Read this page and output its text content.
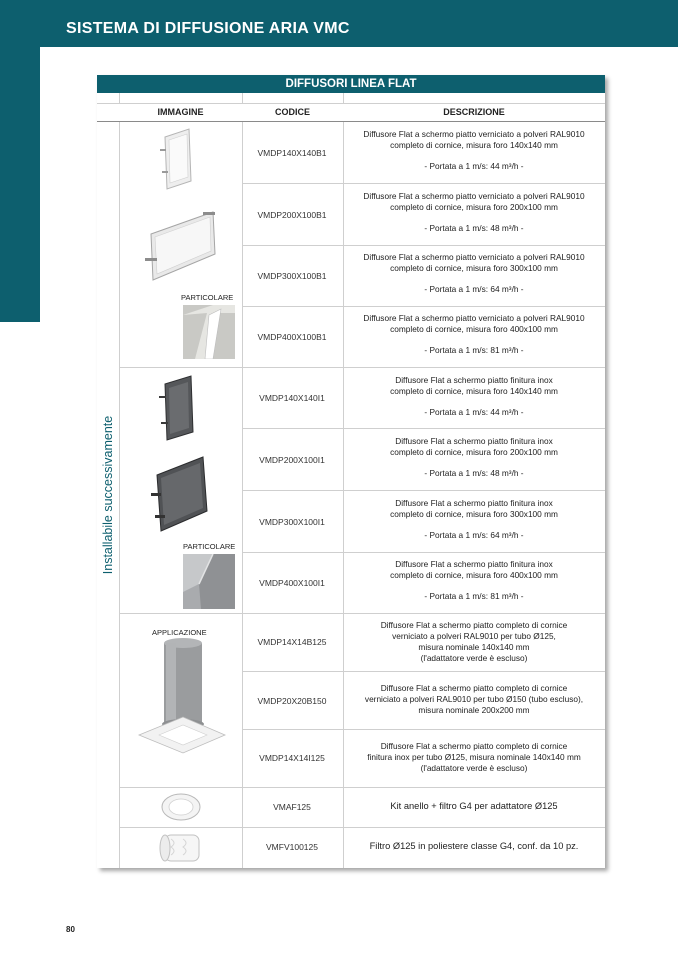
SISTEMA DI DIFFUSIONE ARIA VMC
DIFFUSORI LINEA FLAT
IMMAGINE	CODICE	DESCRIZIONE
Installabile successivamente
PARTICOLARE
PARTICOLARE
APPLICAZIONE
VMDP140X140B1
VMDP200X100B1
VMDP300X100B1
VMDP400X100B1
VMDP140X140I1
VMDP200X100I1
VMDP300X100I1
VMDP400X100I1
VMDP14X14B125
VMDP20X20B150
VMDP14X14I125
VMAF125
VMFV100125
Diffusore Flat a schermo piatto verniciato a polveri RAL9010
completo di cornice, misura foro 140x140 mm
- Portata a 1 m/s: 44 m³/h -
Diffusore Flat a schermo piatto verniciato a polveri RAL9010
completo di cornice, misura foro 200x100 mm
- Portata a 1 m/s: 48 m³/h -
Diffusore Flat a schermo piatto verniciato a polveri RAL9010
completo di cornice, misura foro 300x100 mm
- Portata a 1 m/s: 64 m³/h -
Diffusore Flat a schermo piatto verniciato a polveri RAL9010
completo di cornice, misura foro 400x100 mm
- Portata a 1 m/s: 81 m³/h -
Diffusore Flat a schermo piatto finitura inox
completo di cornice, misura foro 140x140 mm
- Portata a 1 m/s: 44 m³/h -
Diffusore Flat a schermo piatto finitura inox
completo di cornice, misura foro 200x100 mm
- Portata a 1 m/s: 48 m³/h -
Diffusore Flat a schermo piatto finitura inox
completo di cornice, misura foro 300x100 mm
- Portata a 1 m/s: 64 m³/h -
Diffusore Flat a schermo piatto finitura inox
completo di cornice, misura foro 400x100 mm
- Portata a 1 m/s: 81 m³/h -
Diffusore Flat a schermo piatto completo di cornice
verniciato a polveri RAL9010 per tubo Ø125,
misura nominale 140x140 mm
(l'adattatore verde è escluso)
Diffusore Flat a schermo piatto completo di cornice
verniciato a polveri RAL9010 per tubo Ø150 (tubo escluso),
misura nominale 200x200 mm
Diffusore Flat a schermo piatto completo di cornice
finitura inox per tubo Ø125, misura nominale 140x140 mm
(l'adattatore verde è escluso)
Kit anello + filtro G4 per adattatore Ø125
Filtro Ø125 in poliestere classe G4, conf. da 10 pz.
80
